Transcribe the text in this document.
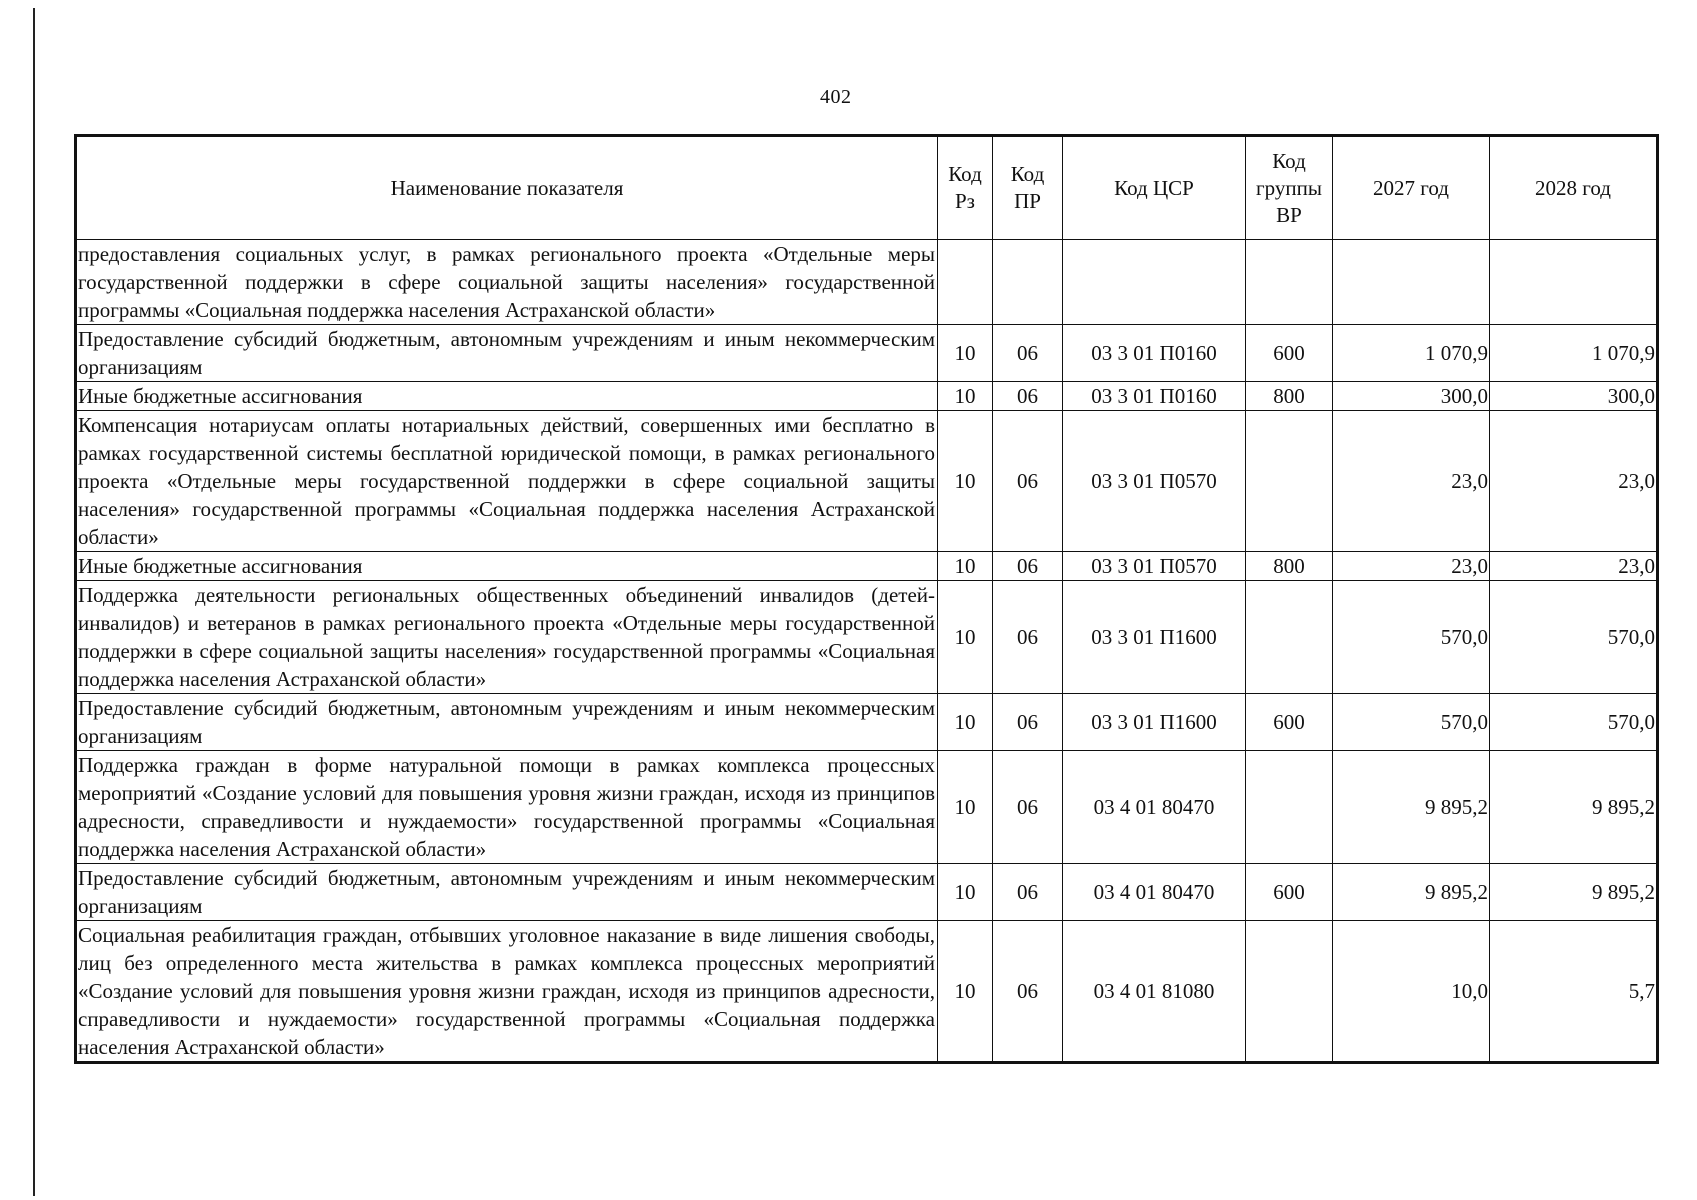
402
Наименование показателя	Код Рз	Код ПР	Код ЦСР	Код группы ВР	2027 год	2028 год
предоставления социальных услуг, в рамках регионального проекта «Отдельные меры государственной поддержки в сфере социальной защиты населения» государственной программы «Социальная поддержка населения Астраханской области»						
Предоставление субсидий бюджетным, автономным учреждениям и иным некоммерческим организациям	10	06	03 3 01 П0160	600	1 070,9	1 070,9
Иные бюджетные ассигнования	10	06	03 3 01 П0160	800	300,0	300,0
Компенсация нотариусам оплаты нотариальных действий, совершенных ими бесплатно в рамках государственной системы бесплатной юридической помощи, в рамках регионального проекта «Отдельные меры государственной поддержки в сфере социальной защиты населения» государственной программы «Социальная поддержка населения Астраханской области»	10	06	03 3 01 П0570		23,0	23,0
Иные бюджетные ассигнования	10	06	03 3 01 П0570	800	23,0	23,0
Поддержка деятельности региональных общественных объединений инвалидов (детей-инвалидов) и ветеранов в рамках регионального проекта «Отдельные меры государственной поддержки в сфере социальной защиты населения» государственной программы «Социальная поддержка населения Астраханской области»	10	06	03 3 01 П1600		570,0	570,0
Предоставление субсидий бюджетным, автономным учреждениям и иным некоммерческим организациям	10	06	03 3 01 П1600	600	570,0	570,0
Поддержка граждан в форме натуральной помощи в рамках комплекса процессных мероприятий «Создание условий для повышения уровня жизни граждан, исходя из принципов адресности, справедливости и нуждаемости» государственной программы «Социальная поддержка населения Астраханской области»	10	06	03 4 01 80470		9 895,2	9 895,2
Предоставление субсидий бюджетным, автономным учреждениям и иным некоммерческим организациям	10	06	03 4 01 80470	600	9 895,2	9 895,2
Социальная реабилитация граждан, отбывших уголовное наказание в виде лишения свободы, лиц без определенного места жительства в рамках комплекса процессных мероприятий «Создание условий для повышения уровня жизни граждан, исходя из принципов адресности, справедливости и нуждаемости» государственной программы «Социальная поддержка населения Астраханской области»	10	06	03 4 01 81080		10,0	5,7
